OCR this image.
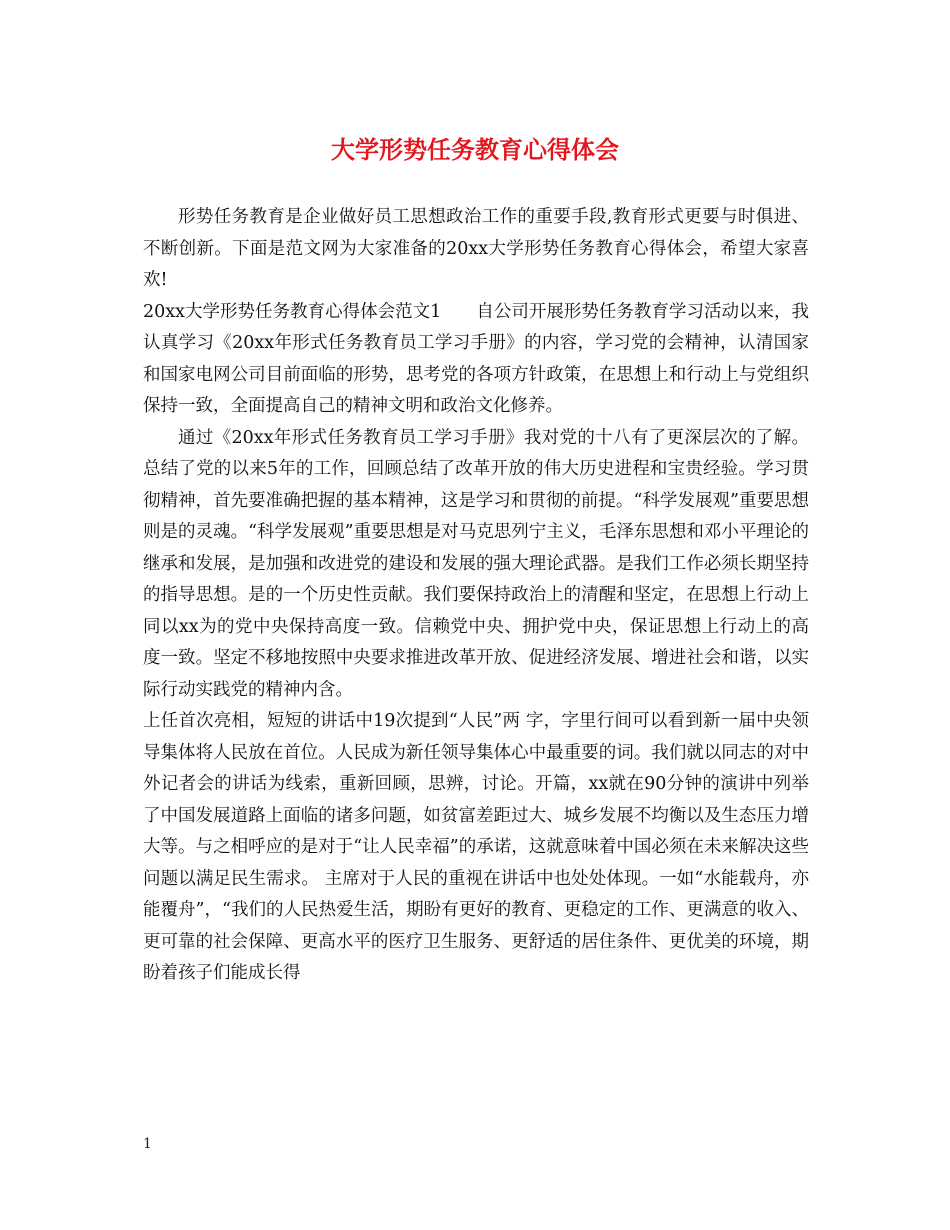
大学形势任务教育心得体会

形势任务教育是企业做好员工思想政治工作的重要手段,教育形式更要与时俱进、不断创新。下面是范文网为大家准备的20xx大学形势任务教育心得体会，希望大家喜欢!

20xx大学形势任务教育心得体会范文1　　自公司开展形势任务教育学习活动以来，我认真学习《20xx年形式任务教育员工学习手册》的内容，学习党的会精神，认清国家和国家电网公司目前面临的形势，思考党的各项方针政策，在思想上和行动上与党组织保持一致，全面提高自己的精神文明和政治文化修养。

通过《20xx年形式任务教育员工学习手册》我对党的十八有了更深层次的了解。总结了党的以来5年的工作，回顾总结了改革开放的伟大历史进程和宝贵经验。学习贯彻精神，首先要准确把握的基本精神，这是学习和贯彻的前提。“科学发展观”重要思想则是的灵魂。“科学发展观”重要思想是对马克思列宁主义，毛泽东思想和邓小平理论的继承和发展，是加强和改进党的建设和发展的强大理论武器。是我们工作必须长期坚持的指导思想。是的一个历史性贡献。我们要保持政治上的清醒和坚定，在思想上行动上同以xx为的党中央保持高度一致。信赖党中央、拥护党中央，保证思想上行动上的高度一致。坚定不移地按照中央要求推进改革开放、促进经济发展、增进社会和谐，以实际行动实践党的精神内含。

上任首次亮相，短短的讲话中19次提到“人民”两 字，字里行间可以看到新一届中央领导集体将人民放在首位。人民成为新任领导集体心中最重要的词。我们就以同志的对中外记者会的讲话为线索，重新回顾，思辨，讨论。开篇，xx就在90分钟的演讲中列举了中国发展道路上面临的诸多问题，如贫富差距过大、城乡发展不均衡以及生态压力增大等。与之相呼应的是对于“让人民幸福”的承诺，这就意味着中国必须在未来解决这些问题以满足民生需求。 主席对于人民的重视在讲话中也处处体现。一如“水能载舟，亦能覆舟”，“我们的人民热爱生活，期盼有更好的教育、更稳定的工作、更满意的收入、更可靠的社会保障、更高水平的医疗卫生服务、更舒适的居住条件、更优美的环境，期盼着孩子们能成长得

1
